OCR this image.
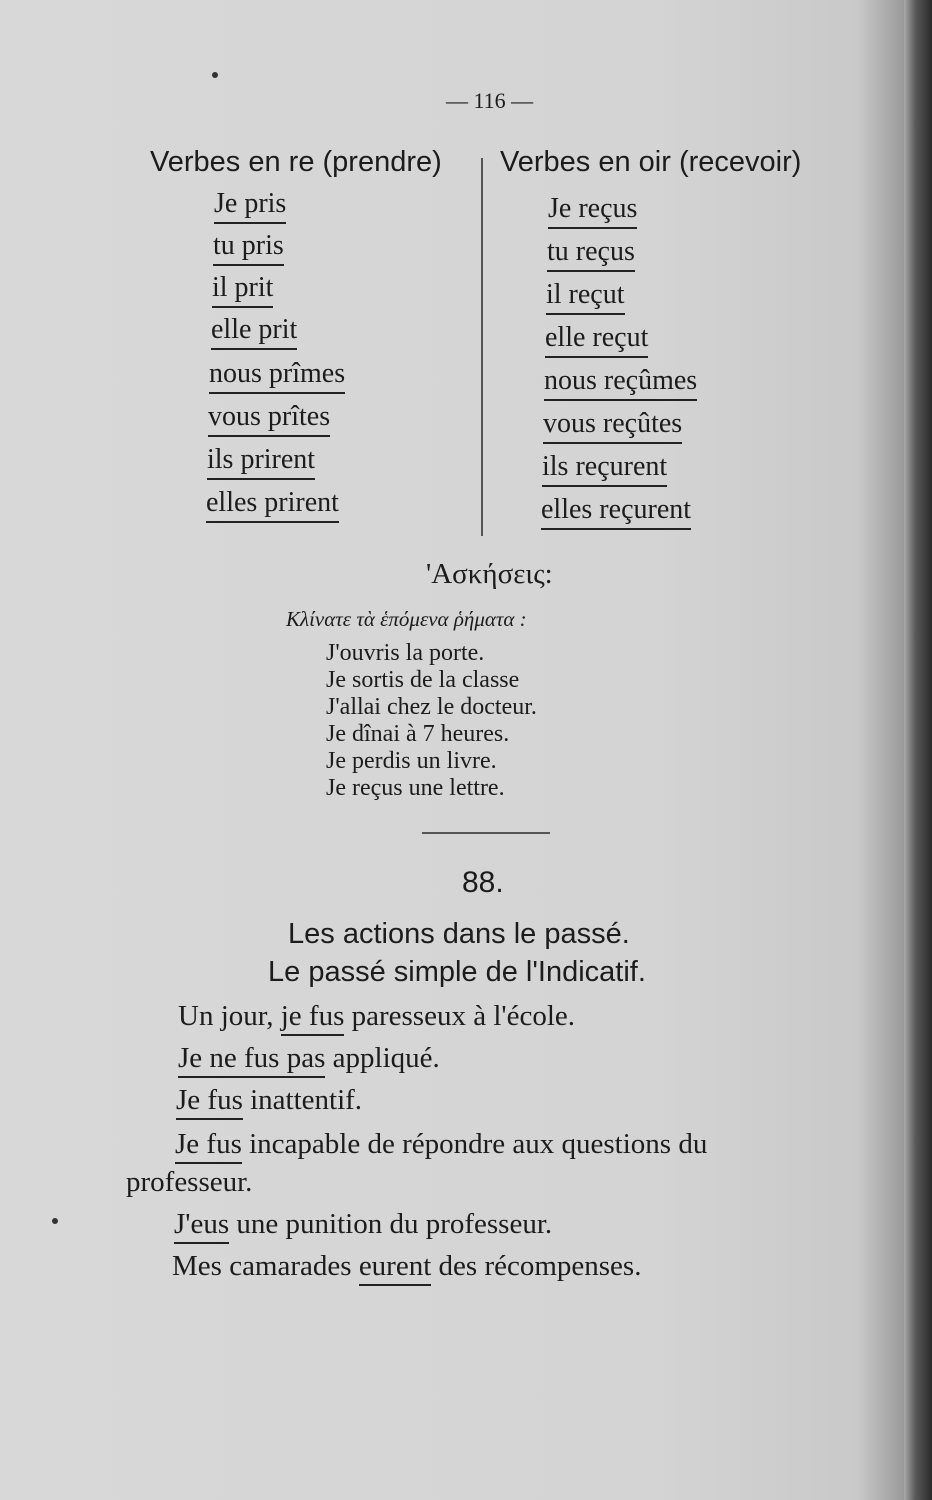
— 116 —
Verbes en re (prendre) Verbes en oir (recevoir)
Je pris
tu pris
il prit
elle prit
nous prîmes
vous prîtes
ils prirent
elles prirent
Je reçus
tu reçus
il reçut
elle reçut
nous reçûmes
vous reçûtes
ils reçurent
elles reçurent
'Ασκήσεις:
Κλίνατε τὰ ἑπόμενα ῥήματα :
J'ouvris la porte.
Je sortis de la classe
J'allai chez le docteur.
Je dînai à 7 heures.
Je perdis un livre.
Je reçus une lettre.
88.
Les actions dans le passé.
Le passé simple de l'Indicatif.
Un jour, je fus paresseux à l'école.
Je ne fus pas appliqué.
Je fus inattentif.
Je fus incapable de répondre aux questions du
professeur.
J'eus une punition du professeur.
Mes camarades eurent des récompenses.
